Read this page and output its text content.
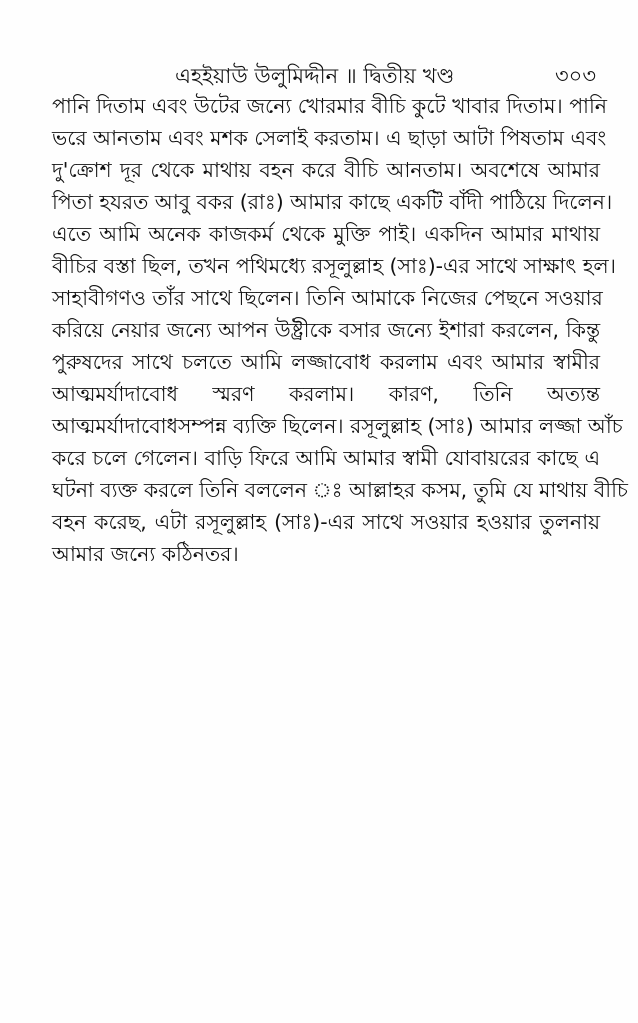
এহইয়াউ উলুমিদ্দীন ॥ দ্বিতীয় খণ্ড	৩০৩
পানি দিতাম এবং উটের জন্যে খোরমার বীচি কুটে খাবার দিতাম। পানি
ভরে আনতাম এবং মশক সেলাই করতাম। এ ছাড়া আটা পিষতাম এবং
দু'ক্রোশ দূর থেকে মাথায় বহন করে বীচি আনতাম। অবশেষে আমার
পিতা হযরত আবু বকর (রাঃ) আমার কাছে একটি বাঁদী পাঠিয়ে দিলেন।
এতে আমি অনেক কাজকর্ম থেকে মুক্তি পাই। একদিন আমার মাথায়
বীচির বস্তা ছিল, তখন পথিমধ্যে রসূলুল্লাহ (সাঃ)-এর সাথে সাক্ষাৎ হল।
সাহাবীগণও তাঁর সাথে ছিলেন। তিনি আমাকে নিজের পেছনে সওয়ার
করিয়ে নেয়ার জন্যে আপন উষ্ট্রীকে বসার জন্যে ইশারা করলেন, কিন্তু
পুরুষদের সাথে চলতে আমি লজ্জাবোধ করলাম এবং আমার স্বামীর
আত্মমর্যাদাবোধ স্মরণ করলাম। কারণ, তিনি অত্যন্ত
আত্মমর্যাদাবোধসম্পন্ন ব্যক্তি ছিলেন। রসূলুল্লাহ (সাঃ) আমার লজ্জা আঁচ
করে চলে গেলেন। বাড়ি ফিরে আমি আমার স্বামী যোবায়রের কাছে এ
ঘটনা ব্যক্ত করলে তিনি বললেন ঃ আল্লাহর কসম, তুমি যে মাথায় বীচি
বহন করেছ, এটা রসূলুল্লাহ (সাঃ)-এর সাথে সওয়ার হওয়ার তুলনায়
আমার জন্যে কঠিনতর।
